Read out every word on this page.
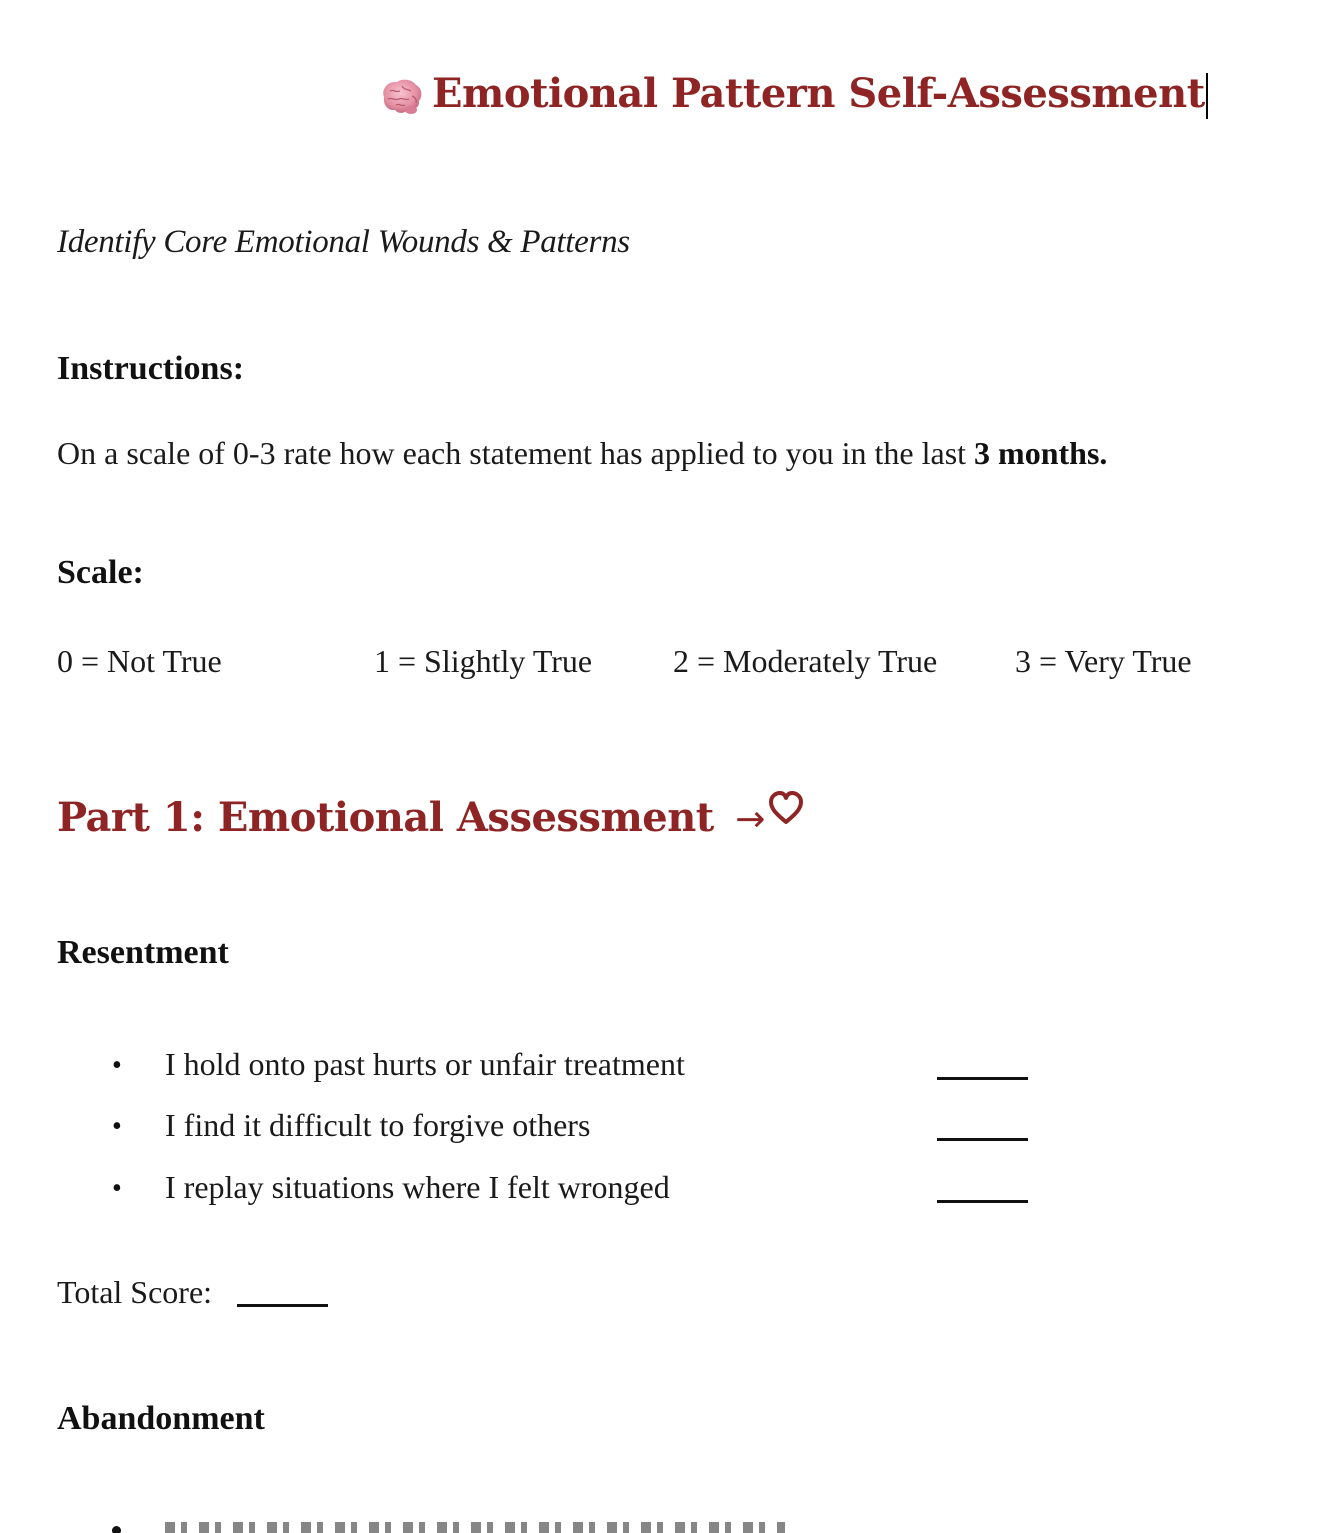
Emotional Pattern Self-Assessment
Identify Core Emotional Wounds & Patterns
Instructions:
On a scale of 0-3 rate how each statement has applied to you in the last 3 months.
Scale:
0 = Not True	1 = Slightly True	2 = Moderately True 3 = Very True
Part 1: Emotional Assessment →
Resentment
• I hold onto past hurts or unfair treatment
• I find it difficult to forgive others
• I replay situations where I felt wronged
Total Score:
Abandonment
